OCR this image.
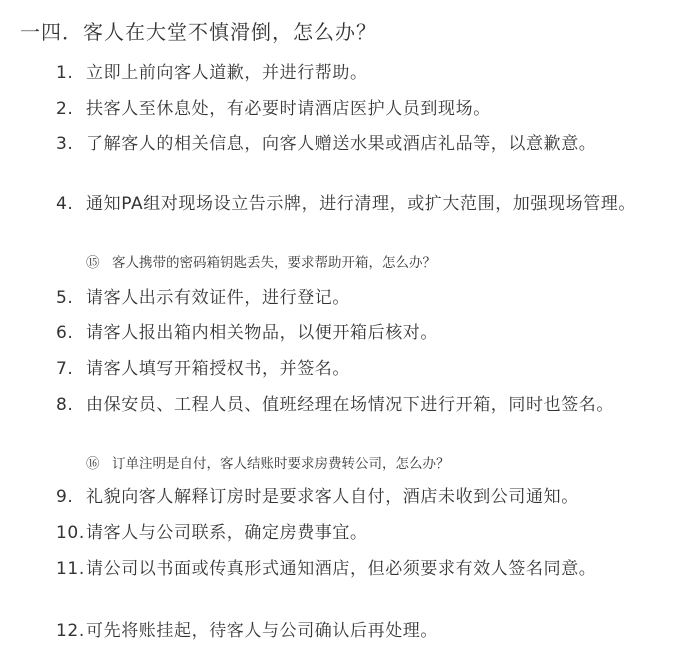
一四．客人在大堂不慎滑倒，怎么办？
1. 立即上前向客人道歉，并进行帮助。
2. 扶客人至休息处，有必要时请酒店医护人员到现场。
3. 了解客人的相关信息，向客人赠送水果或酒店礼品等，以意歉意。
4. 通知PA组对现场设立告示牌，进行清理，或扩大范围，加强现场管理。
⑮ 客人携带的密码箱钥匙丢失，要求帮助开箱，怎么办？
5. 请客人出示有效证件，进行登记。
6. 请客人报出箱内相关物品，以便开箱后核对。
7. 请客人填写开箱授权书，并签名。
8. 由保安员、工程人员、值班经理在场情况下进行开箱，同时也签名。
⑯ 订单注明是自付，客人结账时要求房费转公司，怎么办？
9. 礼貌向客人解释订房时是要求客人自付，酒店未收到公司通知。
10. 请客人与公司联系，确定房费事宜。
11. 请公司以书面或传真形式通知酒店，但必须要求有效人签名同意。
12. 可先将账挂起，待客人与公司确认后再处理。
